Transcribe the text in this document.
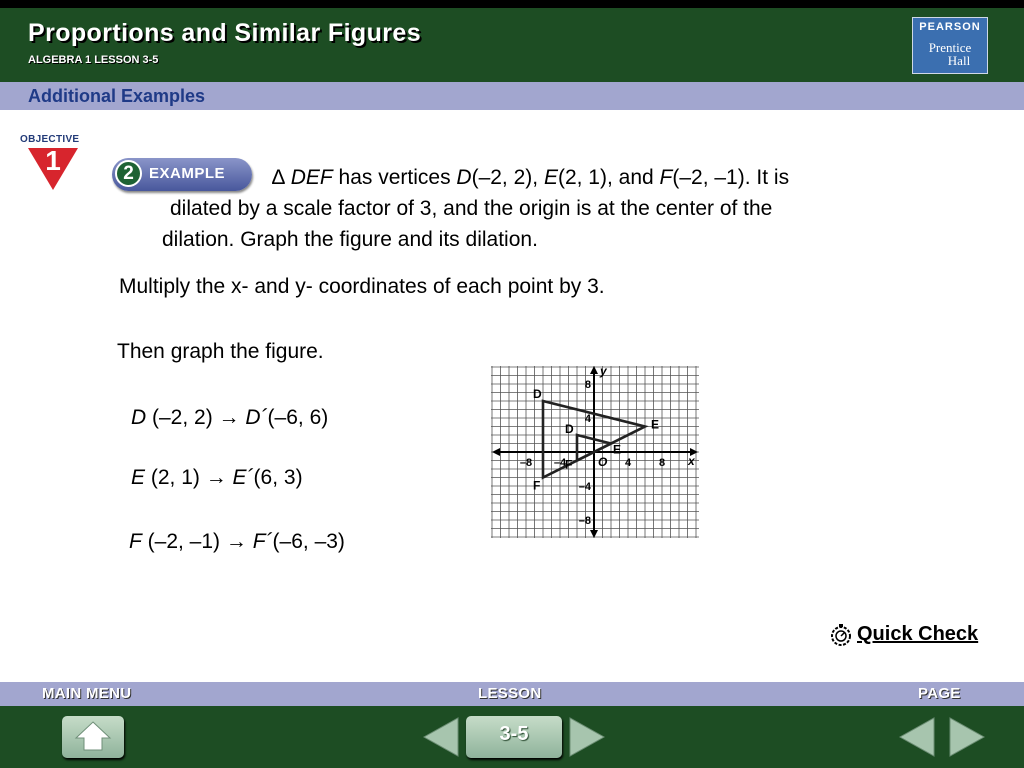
Proportions and Similar Figures
ALGEBRA 1 LESSON 3-5
PEARSON
Prentice
Hall
Additional Examples
OBJECTIVE
1	2	EXAMPLE ∆ DEF has vertices D(–2, 2), E(2, 1), and F(–2, –1). It is
dilated by a scale factor of 3, and the origin is at the center of the
dilation. Graph the figure and its dilation.
Multiply the x- and y- coordinates of each point by 3.
Then graph the figure.
D (–2, 2) → D´(–6, 6)
E (2, 1) → E´(6, 3)
F (–2, –1) → F´(–6, –3)
–8 –4	4	8
8
4
–4
–8
x
y
O
D
E
F
D
E
F
Quick Check
MAIN MENU	LESSON	PAGE
3-5
